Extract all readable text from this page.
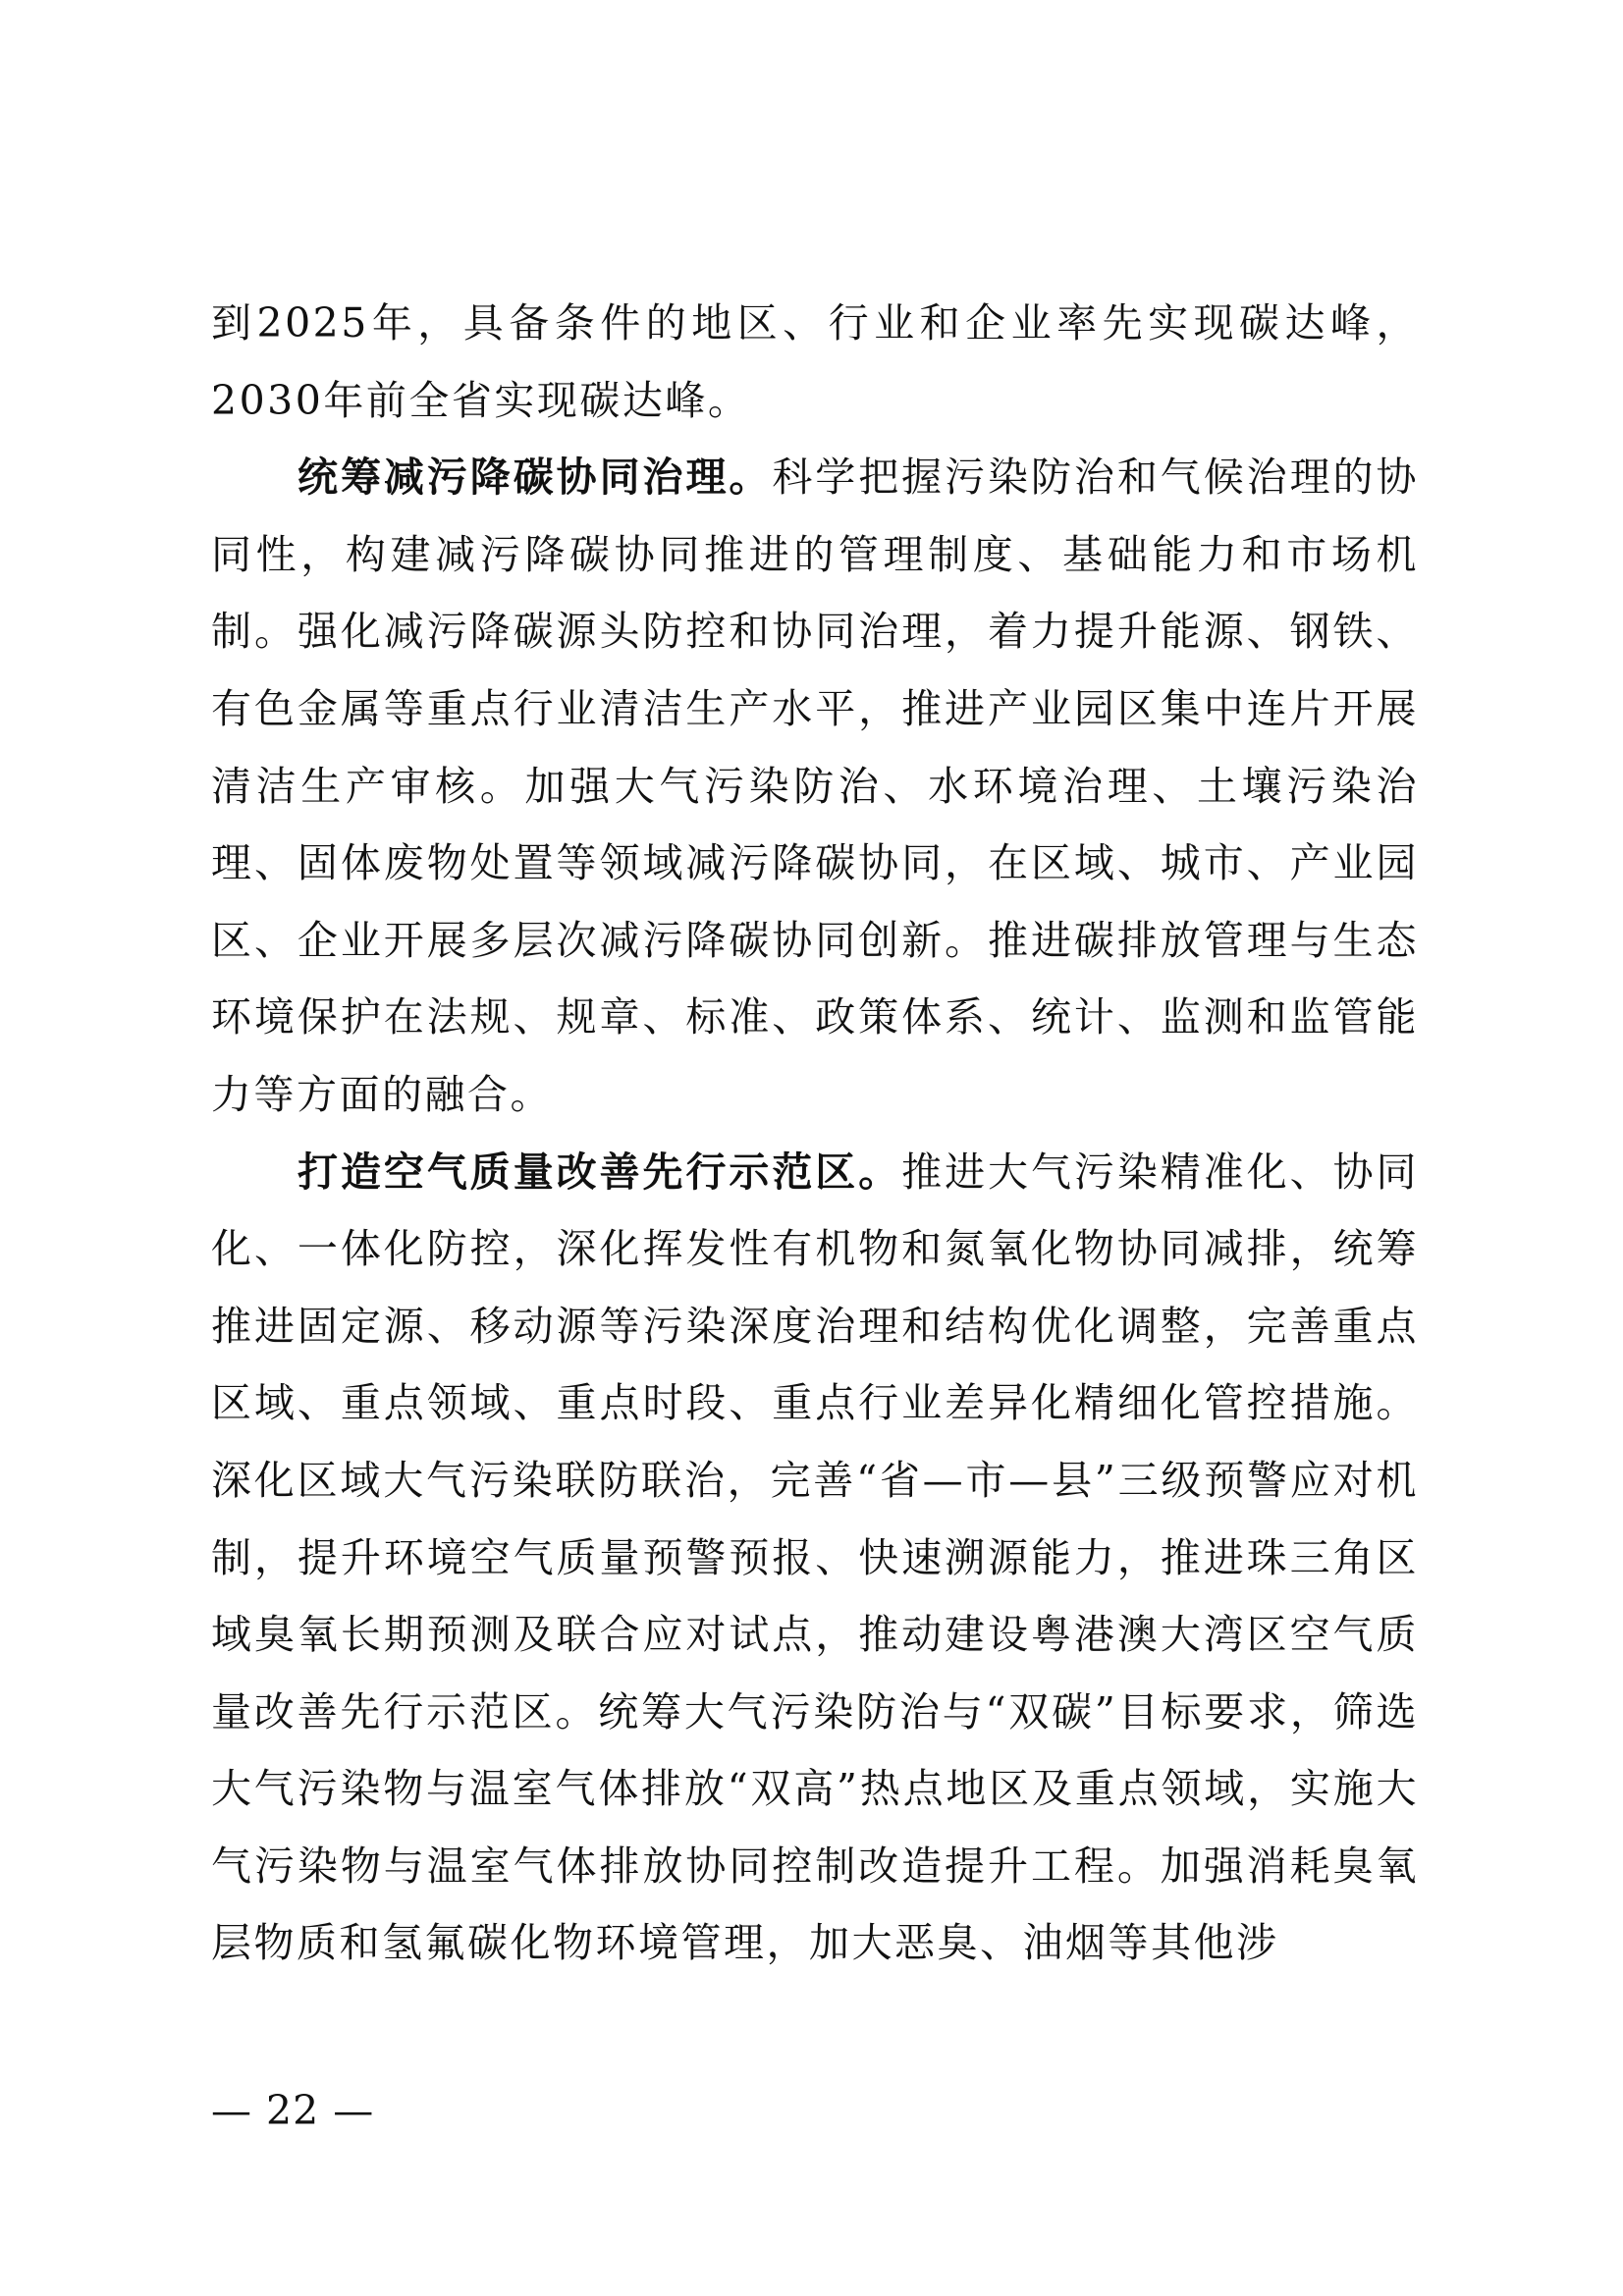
到2025年，具备条件的地区、行业和企业率先实现碳达峰，2030年前全省实现碳达峰。

统筹减污降碳协同治理。科学把握污染防治和气候治理的协同性，构建减污降碳协同推进的管理制度、基础能力和市场机制。强化减污降碳源头防控和协同治理，着力提升能源、钢铁、有色金属等重点行业清洁生产水平，推进产业园区集中连片开展清洁生产审核。加强大气污染防治、水环境治理、土壤污染治理、固体废物处置等领域减污降碳协同，在区域、城市、产业园区、企业开展多层次减污降碳协同创新。推进碳排放管理与生态环境保护在法规、规章、标准、政策体系、统计、监测和监管能力等方面的融合。

打造空气质量改善先行示范区。推进大气污染精准化、协同化、一体化防控，深化挥发性有机物和氮氧化物协同减排，统筹推进固定源、移动源等污染深度治理和结构优化调整，完善重点区域、重点领域、重点时段、重点行业差异化精细化管控措施。深化区域大气污染联防联治，完善“省—市—县”三级预警应对机制，提升环境空气质量预警预报、快速溯源能力，推进珠三角区域臭氧长期预测及联合应对试点，推动建设粤港澳大湾区空气质量改善先行示范区。统筹大气污染防治与“双碳”目标要求，筛选大气污染物与温室气体排放“双高”热点地区及重点领域，实施大气污染物与温室气体排放协同控制改造提升工程。加强消耗臭氧层物质和氢氟碳化物环境管理，加大恶臭、油烟等其他涉

— 22 —
